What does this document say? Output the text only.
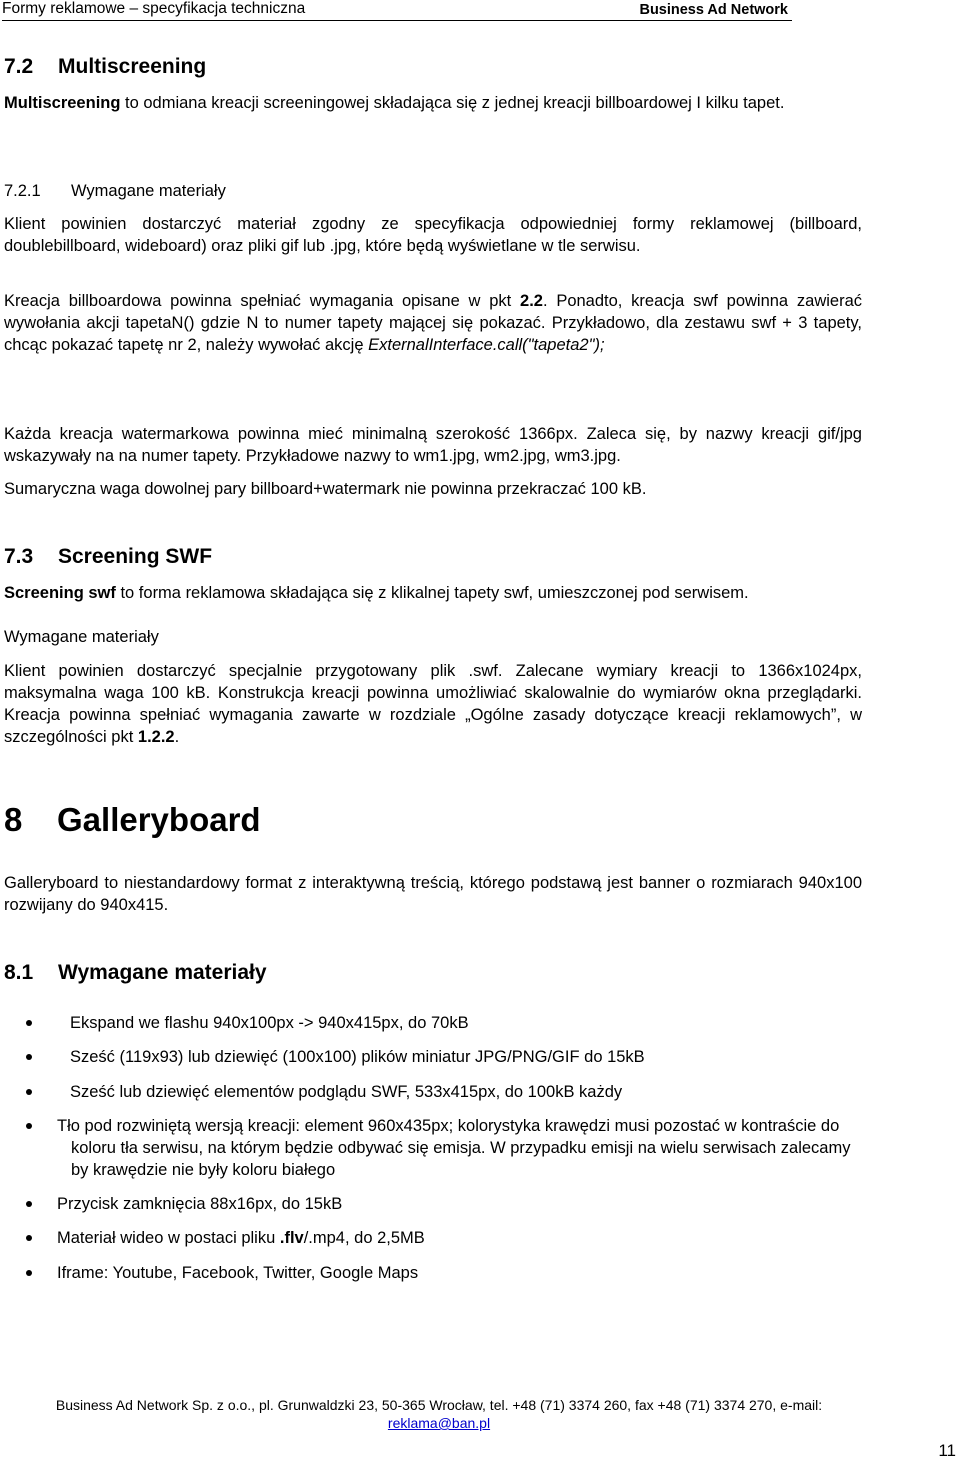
Formy reklamowe – specyfikacja techniczna	Business Ad Network
7.2 Multiscreening

Multiscreening to odmiana kreacji screeningowej składająca się z jednej kreacji billboardowej I kilku tapet.

7.2.1 Wymagane materiały

Klient powinien dostarczyć materiał zgodny ze specyfikacja odpowiedniej formy reklamowej (billboard, doublebillboard, wideboard) oraz pliki gif lub .jpg, które będą wyświetlane w tle serwisu.

Kreacja billboardowa powinna spełniać wymagania opisane w pkt 2.2. Ponadto, kreacja swf powinna zawierać wywołania akcji tapetaN() gdzie N to numer tapety mającej się pokazać. Przykładowo, dla zestawu swf + 3 tapety, chcąc pokazać tapetę nr 2, należy wywołać akcję ExternalInterface.call("tapeta2");

Każda kreacja watermarkowa powinna mieć minimalną szerokość 1366px. Zaleca się, by nazwy kreacji gif/jpg wskazywały na na numer tapety. Przykładowe nazwy to wm1.jpg, wm2.jpg, wm3.jpg.

Sumaryczna waga dowolnej pary billboard+watermark nie powinna przekraczać 100 kB.

7.3 Screening SWF

Screening swf to forma reklamowa składająca się z klikalnej tapety swf, umieszczonej pod serwisem.

Wymagane materiały

Klient powinien dostarczyć specjalnie przygotowany plik .swf. Zalecane wymiary kreacji to 1366x1024px, maksymalna waga 100 kB. Konstrukcja kreacji powinna umożliwiać skalowalnie do wymiarów okna przeglądarki. Kreacja powinna spełniać wymagania zawarte w rozdziale „Ogólne zasady dotyczące kreacji reklamowych”, w szczególności pkt 1.2.2.

8 Galleryboard

Galleryboard to niestandardowy format z interaktywną treścią, którego podstawą jest banner o rozmiarach 940x100 rozwijany do 940x415.

8.1 Wymagane materiały
Ekspand we flashu 940x100px -> 940x415px, do 70kB
Sześć (119x93) lub dziewięć (100x100) plików miniatur JPG/PNG/GIF do 15kB
Sześć lub dziewięć elementów podglądu SWF, 533x415px, do 100kB każdy
Tło pod rozwiniętą wersją kreacji: element 960x435px; kolorystyka krawędzi musi pozostać w kontraście do koloru tła serwisu, na którym będzie odbywać się emisja. W przypadku emisji na wielu serwisach zalecamy by krawędzie nie były koloru białego
Przycisk zamknięcia 88x16px, do 15kB
Materiał wideo w postaci pliku .flv/.mp4, do 2,5MB
Iframe: Youtube, Facebook, Twitter, Google Maps
Business Ad Network Sp. z o.o., pl. Grunwaldzki 23, 50-365 Wrocław, tel. +48 (71) 3374 260, fax +48 (71) 3374 270, e-mail:
reklama@ban.pl
11
